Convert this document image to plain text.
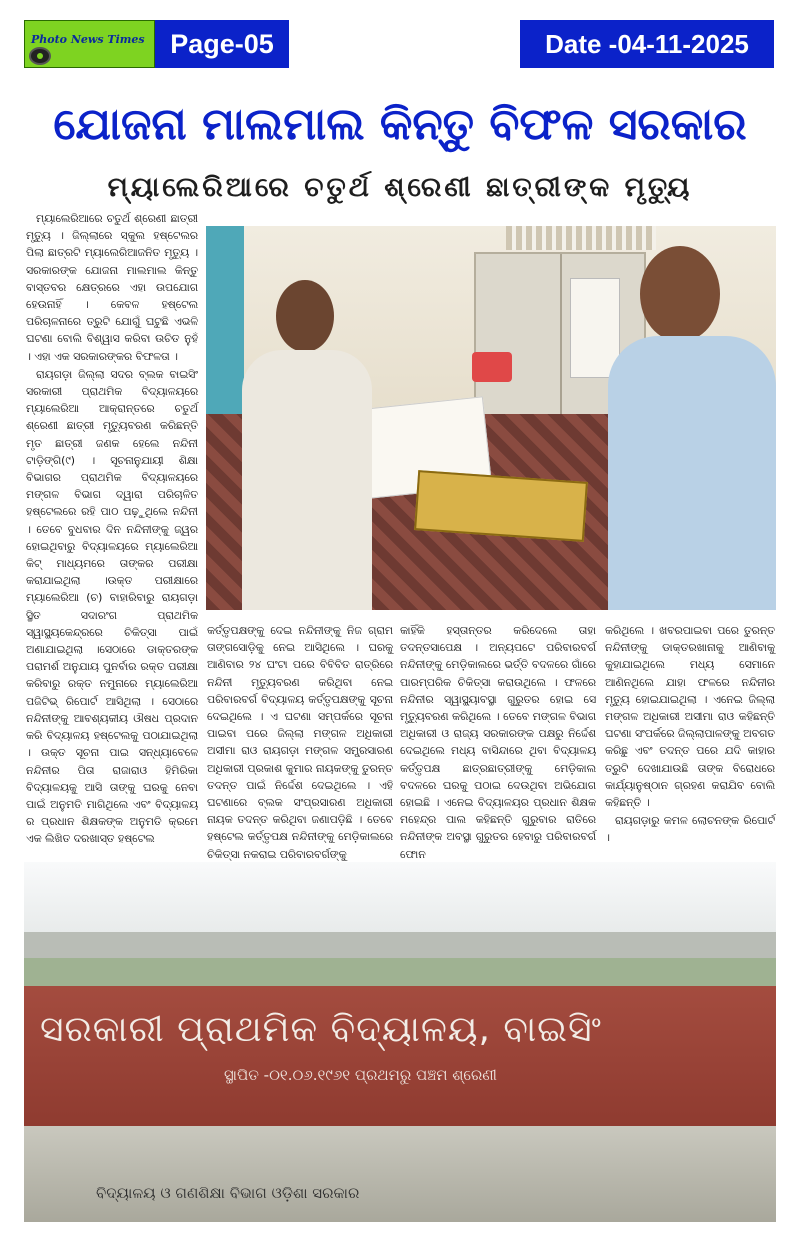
Photo News Times Page-05	Date -04-11-2025
ଯୋଜନା ମାଲମାଲ କିନ୍ତୁ ବିଫଳ ସରକାର
ମ୍ୟାଲେରିଆରେ ଚତୁର୍ଥ ଶ୍ରେଣୀ ଛାତ୍ରୀଙ୍କ ମୃତ୍ୟୁ

ମ୍ୟାଲେରିଆରେ ଚତୁର୍ଥ ଶ୍ରେଣୀ ଛାତ୍ରୀ ମୃତ୍ୟୁ । ଜିଲ୍ଲାରେ ସ୍କୁଲ ହଷ୍ଟେଲର ପିଲା ଛାତ୍ରଟି ମ୍ୟାଲେରିଆଜନିତ ମୃତ୍ୟୁ । ସରକାରଙ୍କ ଯୋଜନା ମାଲମାଲ କିନ୍ତୁ ବାସ୍ତବର କ୍ଷେତ୍ରରେ ଏହା ଉପଯୋଗ ହେଉନାହିଁ । କେବଳ ହଷ୍ଟେଲ ପରିଚାଳନାରେ ତ୍ରୁଟି ଯୋଗୁଁ ଘଟୁଛି ଏଭଳି ଘଟଣା ବୋଲି ବିଶ୍ୱାସ କରିବା ଉଚିତ ନୁହଁ । ଏହା ଏକ ସରକାରଙ୍କର ବିଫଳତା ।

ରାୟଗଡ଼ା ଜିଲ୍ଲା ସଦର ବ୍ଲକ ବାଇସିଂ ସରକାରୀ ପ୍ରାଥମିକ ବିଦ୍ୟାଳୟରେ ମ୍ୟାଲେରିଆ ଆକ୍ରାନ୍ତରେ ଚତୁର୍ଥ ଶ୍ରେଣୀ ଛାତ୍ରୀ ମୃତ୍ୟୁବରଣ କରିଛନ୍ତି ମୃତ ଛାତ୍ରୀ ଜଣକ ହେଲେ ନନ୍ଦିନୀ ଟାଡ଼ିଙ୍ଗି(୯) । ସୂଚନାନୁଯାୟୀ ଶିକ୍ଷା ବିଭାଗର ପ୍ରାଥମିକ ବିଦ୍ୟାଳୟରେ ମଙ୍ଗଳ ବିଭାଗ ଦ୍ୱାରା ପରିଚାଳିତ ହଷ୍ଟେଲରେ ରହି ପାଠ ପଢ଼ୁଥିଲେ ନନ୍ଦିନୀ । ତେବେ ବୁଧବାର ଦିନ ନନ୍ଦିନୀଙ୍କୁ ଜ୍ୱର ହୋଇଥିବାରୁ ବିଦ୍ୟାଳୟରେ ମ୍ୟାଲେରିଆ କିଟ୍ ମାଧ୍ୟମରେ ତାଙ୍କର ପରୀକ୍ଷା କରାଯାଇଥିଲା ।ଉକ୍ତ ପରୀକ୍ଷାରେ ମ୍ୟାଲେରିଆ (ଚ) ବାହାରିବାରୁ ରାୟଗଡ଼ା ସ୍ଥିତ ସଦାରଂଗ ପ୍ରାଥମିକ ସ୍ୱାସ୍ଥ୍ୟକେନ୍ଦ୍ରରେ ଚିକିତ୍ସା ପାଇଁ ଅଣାଯାଇଥିଲା ।ସେଠାରେ ଡାକ୍ତରଙ୍କ ପରାମର୍ଶ ଅନୁଯାୟ ପୁନର୍ବାର ରକ୍ତ ପରୀକ୍ଷା କରିବାରୁ ରକ୍ତ ନମୁନାରେ ମ୍ୟାଲେରିଆ ପଜିଟିଭ୍ ରିପୋର୍ଟ ଆସିଥିଲା । ସେଠାରେ ନନ୍ଦିନୀଙ୍କୁ ଆବଶ୍ୟକୀୟ ଔଷଧ ପ୍ରଦାନ କରି ବିଦ୍ୟାଳୟ ହଷ୍ଟେଲକୁ ପଠାଯାଇଥିଲା । ଉକ୍ତ ସୂଚନା ପାଇ ସନ୍ଧ୍ୟାବେଳେ ନନ୍ଦିନୀର ପିତା ରାଜାରାଓ ହିମିରିକା ବିଦ୍ୟାଳୟକୁ ଆସି ତାଙ୍କୁ ଘରକୁ ନେବା ପାଇଁ ଅନୁମତି ମାଗିଥିଲେ ଏବଂ ବିଦ୍ୟାଳୟ ର ପ୍ରଧାନ ଶିକ୍ଷକଙ୍କ ଅନୁମତି କ୍ରମେ ଏକ ଲିଖିତ ଦରଖାସ୍ତ ହଷ୍ଟେଲ

କର୍ତ୍ତୃପକ୍ଷଙ୍କୁ ଦେଇ ନନ୍ଦିନୀଙ୍କୁ ନିଜ ଗ୍ରାମ ତାଙ୍ଗସୋଡ଼ିକୁ ନେଇ ଆସିଥିଲେ । ଘରକୁ ଆଣିବାର ୨୪ ଘଂଟା ପରେ ବିବିବିତ ରାତ୍ରିରେ ନନ୍ଦିନୀ ମୃତ୍ୟୁବରଣ କରିଥିବା ନେଇ ପରିବାରବର୍ଗ ବିଦ୍ୟାଳୟ କର୍ତ୍ତୃପକ୍ଷଙ୍କୁ ସୂଚନା ଦେଇଥିଲେ । ଏ ଘଟଣା ସମ୍ପର୍କରେ ସୂଚନା ପାଇବା ପରେ ଜିଲ୍ଲା ମଙ୍ଗଳ ଅଧିକାରୀ ଅସୀମା ରାଓ ରାୟଗଡ଼ା ମଙ୍ଗଳ ସମ୍ପ୍ରସାରଣ ଅଧିକାରୀ ପ୍ରକାଶ କୁମାର ନାୟକଙ୍କୁ ତୁରନ୍ତ ତଦନ୍ତ ପାଇଁ ନିର୍ଦ୍ଦେଶ ଦେଇଥିଲେ । ଏହି ଘଟଣାରେ ବ୍ଲକ ସଂପ୍ରସାରଣ ଅଧିକାରୀ ନାୟକ ତଦନ୍ତ କରିଥିବା ଜଣାପଡ଼ିଛି । ତେବେ ହଷ୍ଟେଲ କର୍ତ୍ତୃପକ୍ଷ ନନ୍ଦିନୀଙ୍କୁ ମେଡ଼ିକାଲରେ ଚିକିତ୍ସା ନକରାଇ ପରିବାରବର୍ଗଙ୍କୁ

କାହିଁକି ହସ୍ତାନ୍ତର କରିଦେଲେ ତାହା ତଦନ୍ତସାପେକ୍ଷ । ଅନ୍ୟପଟେ ପରିବାରବର୍ଗ ନନ୍ଦିନୀଙ୍କୁ ମେଡ଼ିକାଲରେ ଭର୍ତ୍ତି ବଦଳରେ ଗାଁରେ ପାରମ୍ପରିକ ଚିକିତ୍ସା କରାଉଥିଲେ । ଫଳରେ ନନ୍ଦିନୀର ସ୍ୱାସ୍ଥ୍ୟାବସ୍ଥା ଗୁରୁତର ହୋଇ ସେ ମୃତ୍ୟୁବରଣ କରିଥିଲେ । ତେବେ ମଙ୍ଗଳ ବିଭାଗ ଅଧିକାରୀ ଓ ରାଜ୍ୟ ସରକାରଙ୍କ ପକ୍ଷରୁ ନିର୍ଦ୍ଦେଶ ଦେଇଥିଲେ ମଧ୍ୟ ବାସିନ୍ଦାରେ ଥିବା ବିଦ୍ୟାଳୟ କର୍ତ୍ତୃପକ୍ଷ ଛାତ୍ରଛାତ୍ରୀଙ୍କୁ ମେଡ଼ିକାଲ ବଦଳରେ ଘରକୁ ପଠାଇ ଦେଉଥିବା ଅଭିଯୋଗ ହୋଇଛି । ଏନେଇ ବିଦ୍ୟାଳୟର ପ୍ରଧାନ ଶିକ୍ଷକ ମହେନ୍ଦ୍ର ପାଲ କହିଛନ୍ତି ଗୁରୁବାର ରାତିରେ ନନ୍ଦିନୀଙ୍କ ଅବସ୍ଥା ଗୁରୁତର ହେବାରୁ ପରିବାରବର୍ଗ ଫୋନ

କରିଥିଲେ । ଖବରପାଇବା ପରେ ତୁରନ୍ତ ନନ୍ଦିନୀଙ୍କୁ ଡାକ୍ତରଖାନାକୁ ଆଣିବାକୁ କୁହାଯାଇଥିଲେ ମଧ୍ୟ ସେମାନେ ଆଣିନଥିଲେ ଯାହା ଫଳରେ ନନ୍ଦିନୀର ମୃତ୍ୟୁ ହୋଇଯାଇଥିଲା । ଏନେଇ ଜିଲ୍ଲା ମଙ୍ଗଳ ଅଧିକାରୀ ଅସୀମା ରାଓ କହିଛନ୍ତି ଘଟଣା ସଂପର୍କରେ ଜିଲ୍ଲାପାଳଙ୍କୁ ଅବଗତ କରିଛୁ ଏବଂ ତଦନ୍ତ ପରେ ଯଦି କାହାର ତ୍ରୁଟି ଦେଖାଯାଉଛି ତାଙ୍କ ବିରୋଧରେ କାର୍ଯ୍ୟାନୁଷ୍ଠାନ ଗ୍ରହଣ କରାଯିବ ବୋଲି କହିଛନ୍ତି ।

ରାୟଗଡ଼ାରୁ କମଳ ଲୋଚନଙ୍କ ରିପୋର୍ଟ ।

ସରକାରୀ ପ୍ରାଥମିକ ବିଦ୍ୟାଳୟ, ବାଇସିଂ
ସ୍ଥାପିତ -୦୧.୦୬.୧୯୬୧ ପ୍ରଥମରୁ ପଞ୍ଚମ ଶ୍ରେଣୀ
ବିଦ୍ୟାଳୟ ଓ ଗଣଶିକ୍ଷା ବିଭାଗ ଓଡ଼ିଶା ସରକାର
